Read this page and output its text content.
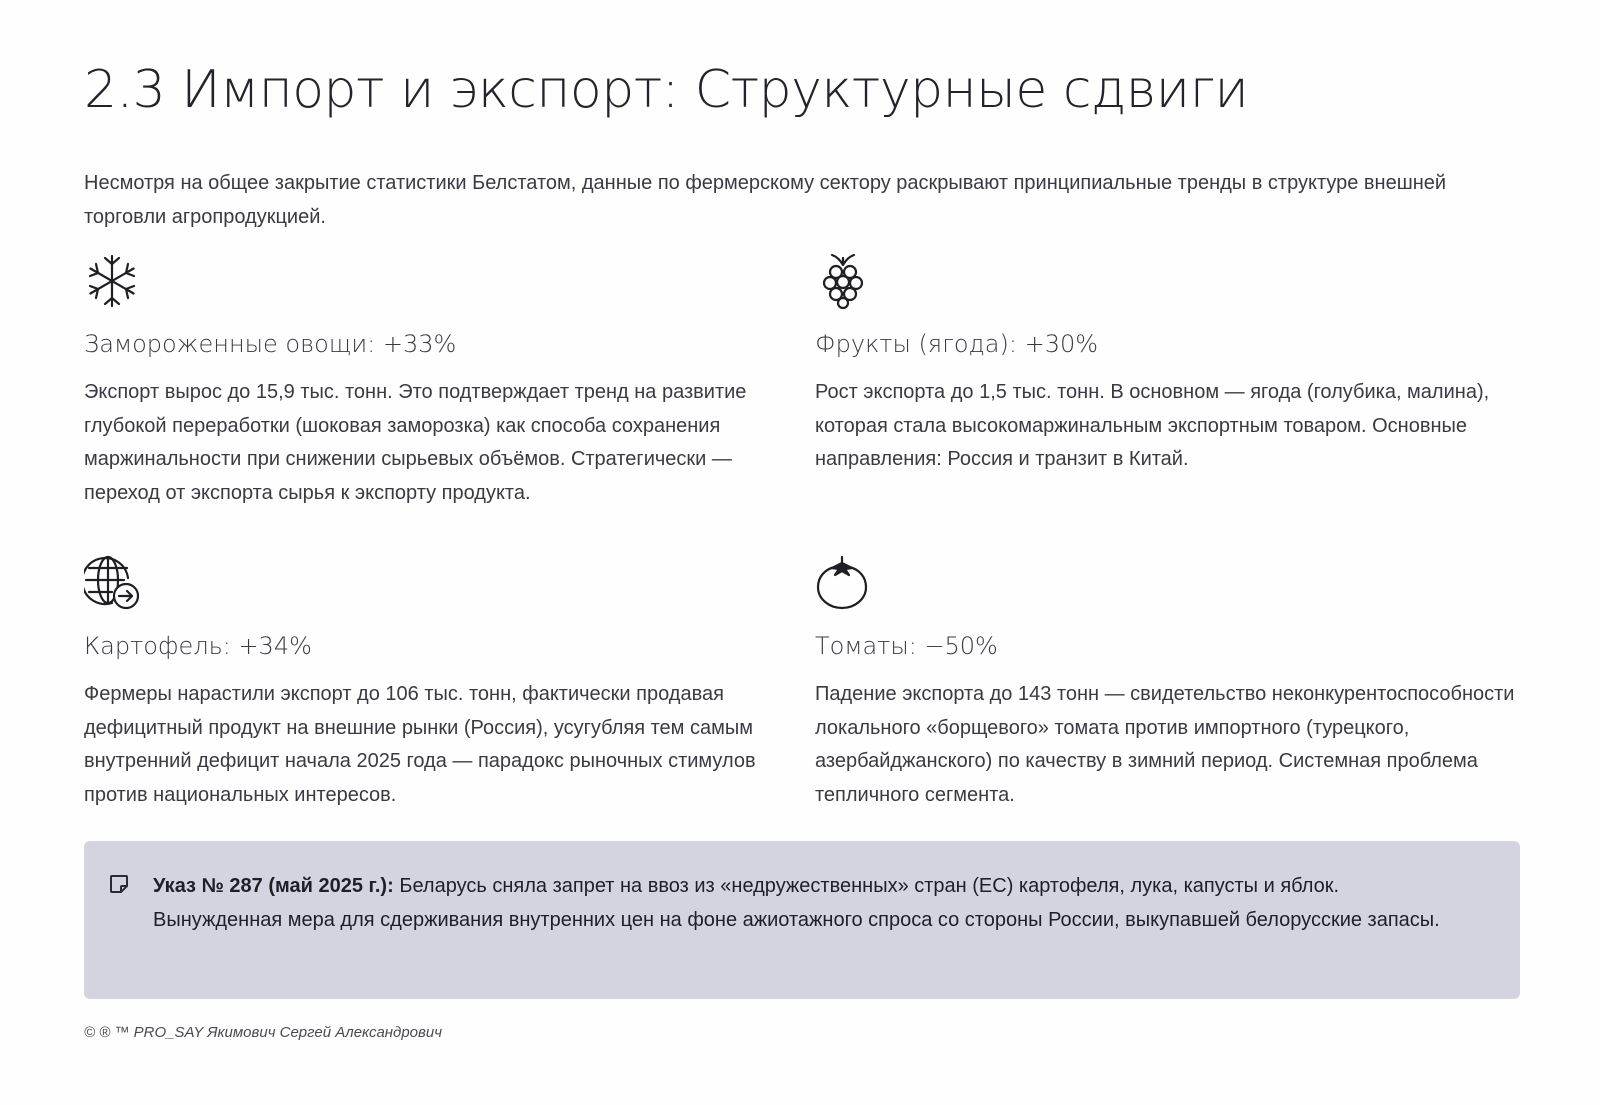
2.3 Импорт и экспорт: Структурные сдвиги

Несмотря на общее закрытие статистики Белстатом, данные по фермерскому сектору раскрывают принципиальные тренды в структуре внешней торговли агропродукцией.

Замороженные овощи: +33%

Экспорт вырос до 15,9 тыс. тонн. Это подтверждает тренд на развитие глубокой переработки (шоковая заморозка) как способа сохранения маржинальности при снижении сырьевых объёмов. Стратегически — переход от экспорта сырья к экспорту продукта.

Фрукты (ягода): +30%

Рост экспорта до 1,5 тыс. тонн. В основном — ягода (голубика, малина), которая стала высокомаржинальным экспортным товаром. Основные направления: Россия и транзит в Китай.

Картофель: +34%

Фермеры нарастили экспорт до 106 тыс. тонн, фактически продавая дефицитный продукт на внешние рынки (Россия), усугубляя тем самым внутренний дефицит начала 2025 года — парадокс рыночных стимулов против национальных интересов.

Томаты: −50%

Падение экспорта до 143 тонн — свидетельство неконкурентоспособности локального «борщевого» томата против импортного (турецкого, азербайджанского) по качеству в зимний период. Системная проблема тепличного сегмента.

Указ № 287 (май 2025 г.): Беларусь сняла запрет на ввоз из «недружественных» стран (ЕС) картофеля, лука, капусты и яблок. Вынужденная мера для сдерживания внутренних цен на фоне ажиотажного спроса со стороны России, выкупавшей белорусские запасы.

© ® ™ PRO_SAY Якимович Сергей Александрович
